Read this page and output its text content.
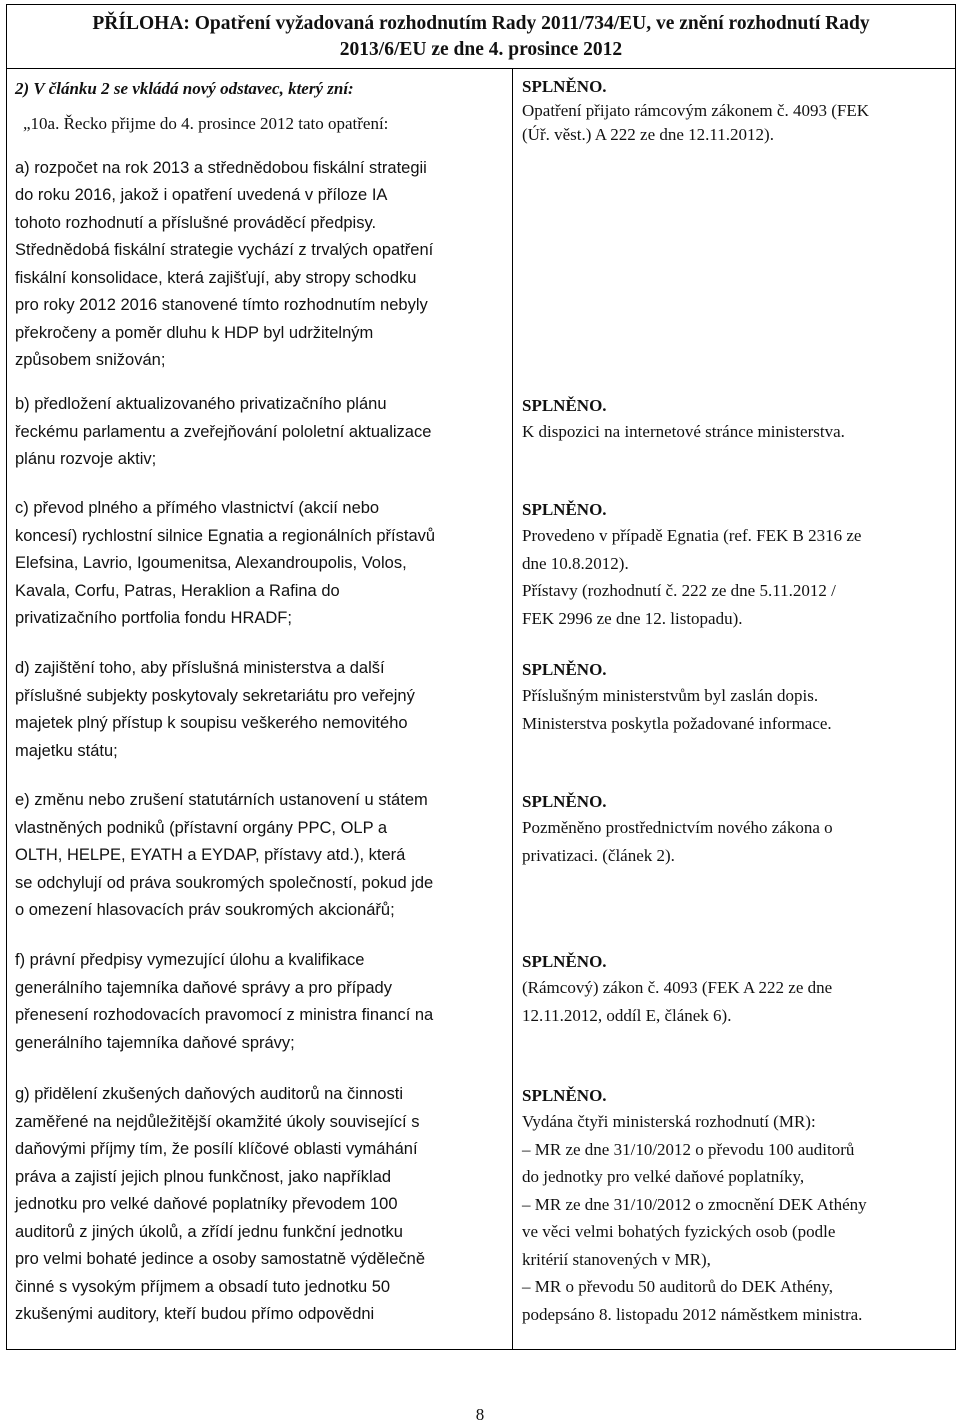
PŘÍLOHA: Opatření vyžadovaná rozhodnutím Rady 2011/734/EU, ve znění rozhodnutí Rady
2013/6/EU ze dne 4. prosince 2012

2) V článku 2 se vkládá nový odstavec, který zní:

„10a. Řecko přijme do 4. prosince 2012 tato opatření:

a) rozpočet na rok 2013 a střednědobou fiskální strategii
do roku 2016, jakož i opatření uvedená v příloze IA
tohoto rozhodnutí a příslušné prováděcí předpisy.
Střednědobá fiskální strategie vychází z trvalých opatření
fiskální konsolidace, která zajišťují, aby stropy schodku
pro roky 2012 2016 stanovené tímto rozhodnutím nebyly
překročeny a poměr dluhu k HDP byl udržitelným
způsobem snižován;

SPLNĚNO.

Opatření přijato rámcovým zákonem č. 4093 (FEK
(Úř. věst.) A 222 ze dne 12.11.2012).
b) předložení aktualizovaného privatizačního plánu
řeckému parlamentu a zveřejňování pololetní aktualizace
plánu rozvoje aktiv;

SPLNĚNO.

K dispozici na internetové stránce ministerstva.
c) převod plného a přímého vlastnictví (akcií nebo
koncesí) rychlostní silnice Egnatia a regionálních přístavů
Elefsina, Lavrio, Igoumenitsa, Alexandroupolis, Volos,
Kavala, Corfu, Patras, Heraklion a Rafina do
privatizačního portfolia fondu HRADF;

SPLNĚNO.

Provedeno v případě Egnatia (ref. FEK B 2316 ze
dne 10.8.2012).
Přístavy (rozhodnutí č. 222 ze dne 5.11.2012 /
FEK 2996 ze dne 12. listopadu).
d) zajištění toho, aby příslušná ministerstva a další
příslušné subjekty poskytovaly sekretariátu pro veřejný
majetek plný přístup k soupisu veškerého nemovitého
majetku státu;

SPLNĚNO.

Příslušným ministerstvům byl zaslán dopis.
Ministerstva poskytla požadované informace.
e) změnu nebo zrušení statutárních ustanovení u státem
vlastněných podniků (přístavní orgány PPC, OLP a
OLTH, HELPE, EYATH a EYDAP, přístavy atd.), která
se odchylují od práva soukromých společností, pokud jde
o omezení hlasovacích práv soukromých akcionářů;

SPLNĚNO.

Pozměněno prostřednictvím nového zákona o
privatizaci. (článek 2).
f) právní předpisy vymezující úlohu a kvalifikace
generálního tajemníka daňové správy a pro případy
přenesení rozhodovacích pravomocí z ministra financí na
generálního tajemníka daňové správy;

SPLNĚNO.

(Rámcový) zákon č. 4093 (FEK A 222 ze dne
12.11.2012, oddíl E, článek 6).
g) přidělení zkušených daňových auditorů na činnosti
zaměřené na nejdůležitější okamžité úkoly související s
daňovými příjmy tím, že posílí klíčové oblasti vymáhání
práva a zajistí jejich plnou funkčnost, jako například
jednotku pro velké daňové poplatníky převodem 100
auditorů z jiných úkolů, a zřídí jednu funkční jednotku
pro velmi bohaté jedince a osoby samostatně výdělečně
činné s vysokým příjmem a obsadí tuto jednotku 50
zkušenými auditory, kteří budou přímo odpovědni

SPLNĚNO.

Vydána čtyři ministerská rozhodnutí (MR):
– MR ze dne 31/10/2012 o převodu 100 auditorů
do jednotky pro velké daňové poplatníky,
– MR ze dne 31/10/2012 o zmocnění DEK Athény
ve věci velmi bohatých fyzických osob (podle
kritérií stanovených v MR),
– MR o převodu 50 auditorů do DEK Athény,
podepsáno 8. listopadu 2012 náměstkem ministra.
8
